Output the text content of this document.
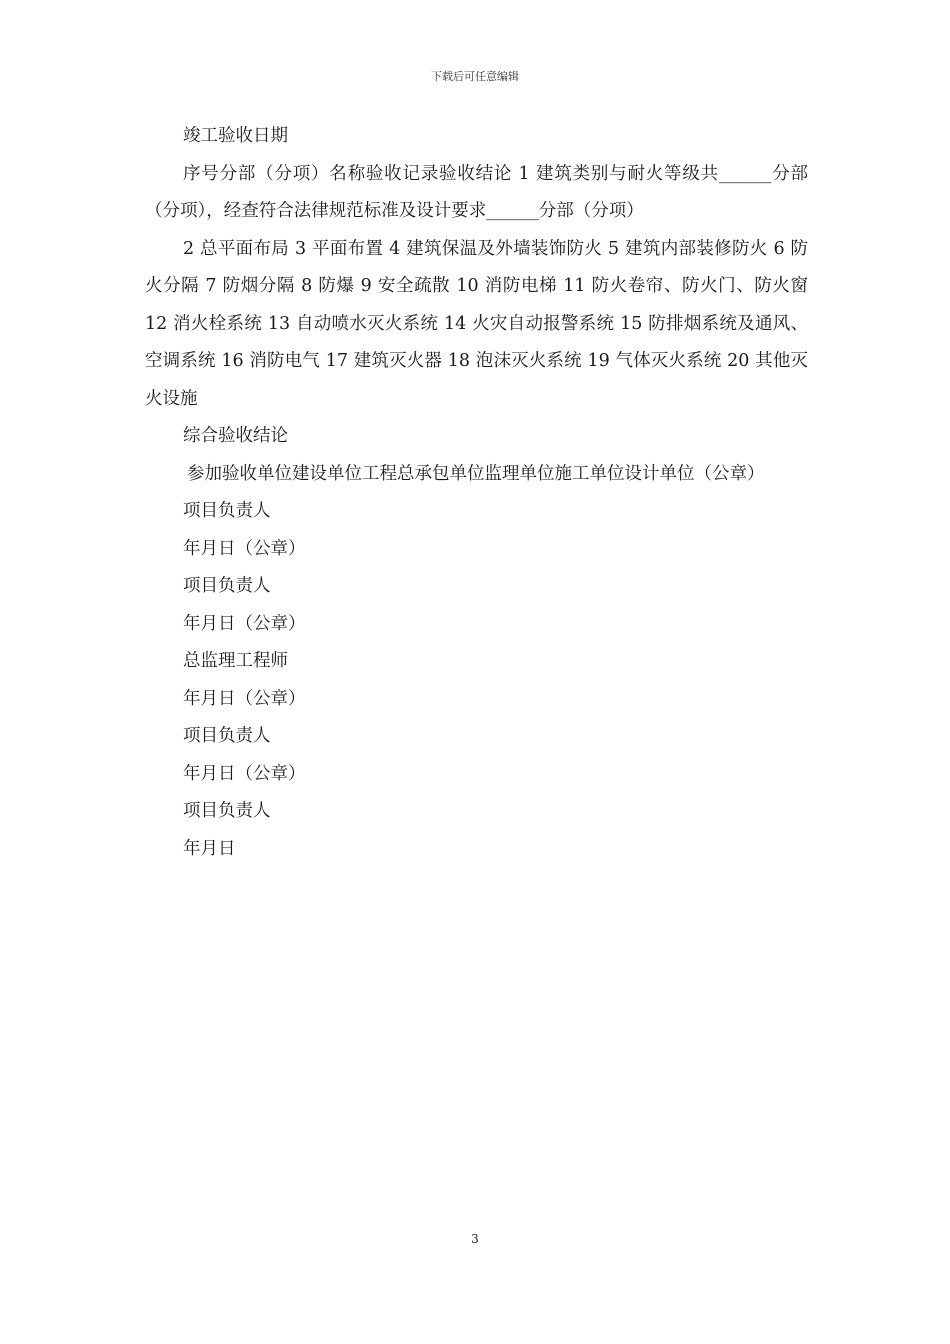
下载后可任意编辑

竣工验收日期

序号分部（分项）名称验收记录验收结论 1 建筑类别与耐火等级共______分部（分项），经查符合法律规范标准及设计要求______分部（分项）

2 总平面布局 3 平面布置 4 建筑保温及外墙装饰防火 5 建筑内部装修防火 6 防火分隔 7 防烟分隔 8 防爆 9 安全疏散 10 消防电梯 11 防火卷帘、防火门、防火窗 12 消火栓系统 13 自动喷水灭火系统 14 火灾自动报警系统 15 防排烟系统及通风、空调系统 16 消防电气 17 建筑灭火器 18 泡沫灭火系统 19 气体灭火系统 20 其他灭火设施

综合验收结论

参加验收单位建设单位工程总承包单位监理单位施工单位设计单位（公章）

项目负责人

年月日（公章）

项目负责人

年月日（公章）

总监理工程师

年月日（公章）

项目负责人

年月日（公章）

项目负责人

年月日

3
